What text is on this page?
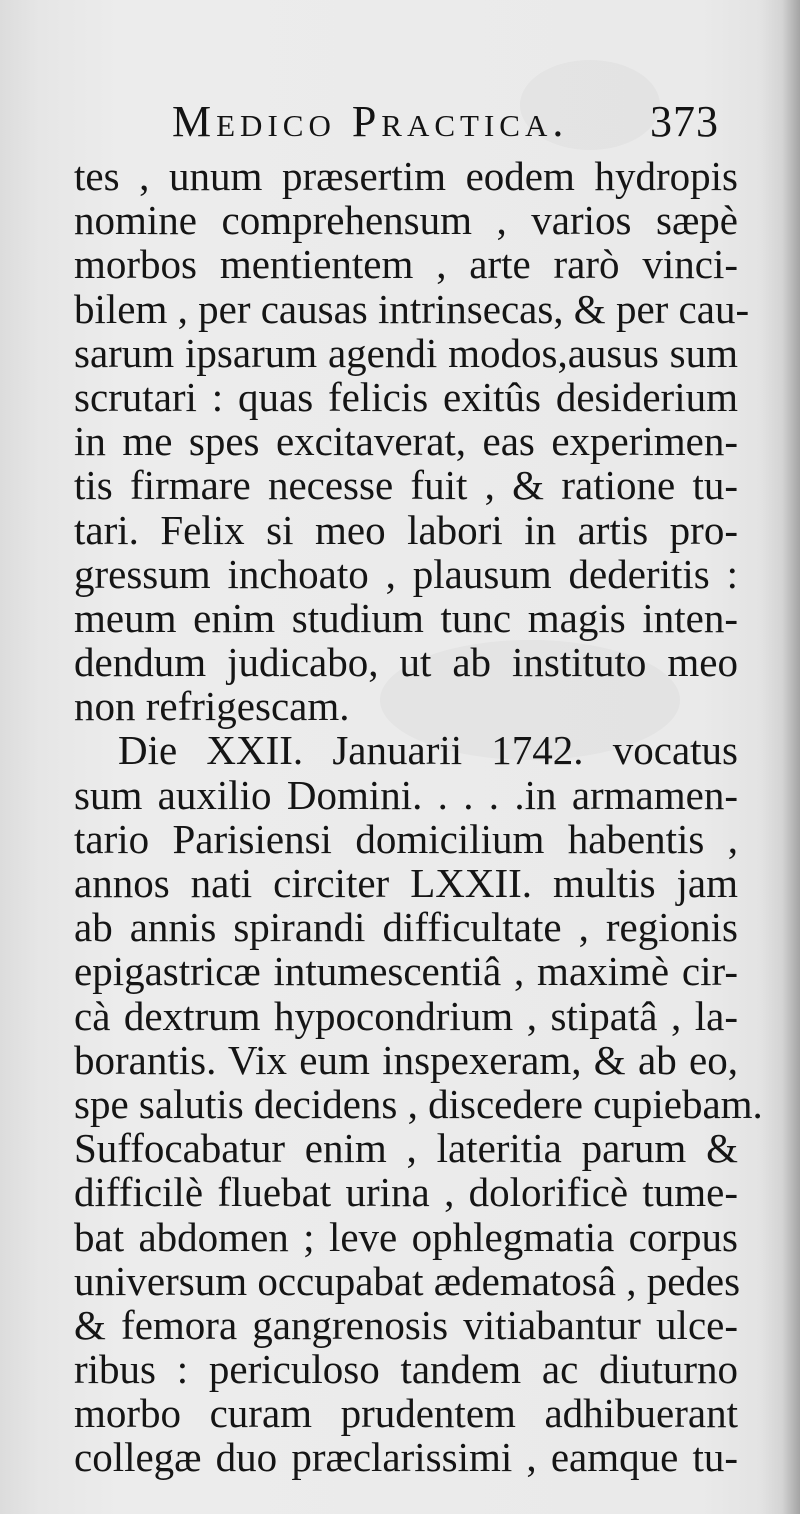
Medico Practica. 373
tes , unum præsertim eodem hydropis
nomine comprehensum , varios sæpè
morbos mentientem , arte rarò vinci-
bilem , per causas intrinsecas, & per cau-
sarum ipsarum agendi modos,ausus sum
scrutari : quas felicis exitûs desiderium
in me spes excitaverat, eas experimen-
tis firmare necesse fuit , & ratione tu-
tari. Felix si meo labori in artis pro-
gressum inchoato , plausum dederitis :
meum enim studium tunc magis inten-
dendum judicabo, ut ab instituto meo
non refrigescam.
Die XXII. Januarii 1742. vocatus
sum auxilio Domini. . . . .in armamen-
tario Parisiensi domicilium habentis ,
annos nati circiter LXXII. multis jam
ab annis spirandi difficultate , regionis
epigastricæ intumescentiâ , maximè cir-
cà dextrum hypocondrium , stipatâ , la-
borantis. Vix eum inspexeram, & ab eo,
spe salutis decidens , discedere cupiebam.
Suffocabatur enim , lateritia parum &
difficilè fluebat urina , dolorificè tume-
bat abdomen ; leve ophlegmatia corpus
universum occupabat ædematosâ , pedes
& femora gangrenosis vitiabantur ulce-
ribus : periculoso tandem ac diuturno
morbo curam prudentem adhibuerant
collegæ duo præclarissimi , eamque tu-
